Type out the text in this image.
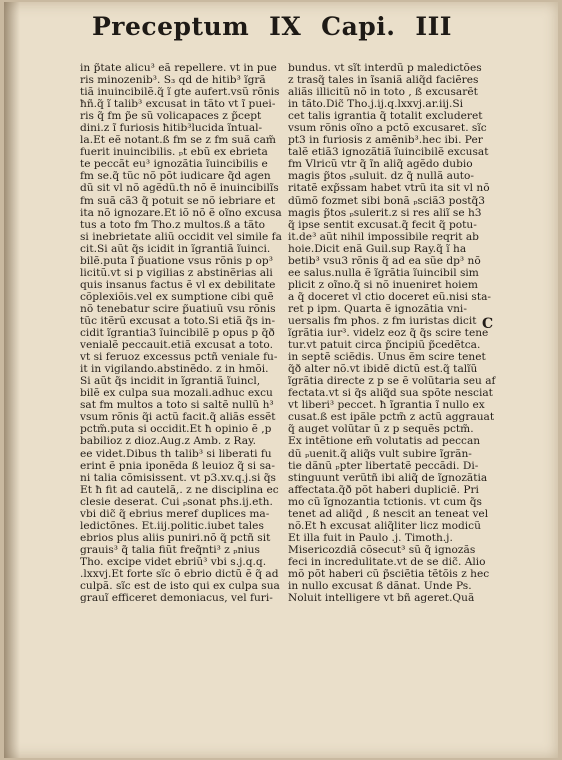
Preceptum IX Capi. III
in p̃tate alicu³ eã repellere. vt in pue
ris minozenib³. S₃ qd̃ de hitib³ ĩgrã
tiã inuincibilẽ.q̃ ĩ gte aufert.vsũ rõnis
ħñ.q̃ ĩ talib³ excusat in tãto vt ĩ puei-
ris q̃ fm p̃e sũ volicapaces z p̃cept
dini.z ĩ furiosis ħitib³lucida ĩntual-
la.Et eẽ notant.ß fm se z fm suã cam̃
fuerit inuincibilis. ₚt ebũ ex ebrieta
te peccãt eu³ ignozãtia ĩuincibilis e
fm se.q̃ tũc nõ põt iudicare q̃d agen
dũ sit vl nõ agẽdũ.th nõ ẽ inuincibilĩs
fm suã cã3 q̃ potuit se nõ iebriare et
ita nõ ignozare.Et iõ nõ ẽ oĩno excusa
tus a toto fm Tho.z multos.ß a tãto
si inebrietate aliũ occidit vel simile fa
cit.Si aũt q̃s icidit in ĩgrantiã ĩuinci.
bilẽ.puta ĩ p̃uatione vsus rõnis p op³
licitũ.vt si p vigilias z abstinẽrias ali
quis insanus factus ẽ vl ex debilitate
cõplexiõis.vel ex sumptione cibi quẽ
nõ tenebatur scire p̃uatiuũ vsu rõnis
tũc itẽrũ excusat a toto.Si etiã q̃s in-
cidit ĩgrantia3 ĩuincibilẽ p opus p q̃ð
venialẽ peccauit.etiã excusat a toto.
vt si feruoz excessus pctñ veniale fu-
it in vigilando.abstinẽdo. z in hmõi.
Si aũt q̃s incidit in ĩgrantiã ĩuincl,
bilẽ ex culpa sua mozali.adhuc excu
sat fm multos a toto si saltẽ nullũ h³
vsum rõnis q̃i actũ facit.q̃ aliãs essẽt
pctm̃.puta si occidit.Et ħ opinio ẽ ,p
babilioz z dioz.Aug.z Amb. z Ray.
ee videt.Dibus th talib³ si liberati fu
erint ẽ pnia iponẽda ß leuioz q̃ si sa-
ni talia cõmisissent. vt p3.xv.q.j.si q̃s
Et ħ fit ad cautelã,. z ne disciplina ec
clesie deserat. Cui ₚsonat pħs.ij.eth.
vbi dic̃ q̃ ebrius meref duplices ma-
ledictõnes. Et.iij.politic.iubet tales
ebrios plus aliis puniri.nõ q̃ pctñ sit
grauis³ q̃ talia fiũt freq̃nti³ z ₚnius
Tho. excipe videt ebriũ³ vbi s.j.q.q.
.lxxvj.Et forte sĩc õ ebrio dictũ ẽ q̃ ad
culpã. sĩc est de isto qui ex culpa sua
grauĩ efficeret demoniacus, vel furi-
bundus. vt sĩt interdũ p maledictões
z trasq̃ tales in ĩsaniã aliq̃d faciẽres
aliãs illicitũ nõ in toto , ß excusarẽt
in tãto.Dic̃ Tho.j.ij.q.lxxvj.ar.iij.Si
cet talis igrantia q̃ totalit excluderet
vsum rõnis oĩno a pctõ excusaret. sĩc
pt3 in furiosis z amẽnib³.hec ibi. Per
talẽ etiã3 ignozãtiã ĩuincibilẽ excusat
fm Vlricũ vtr q̃ ĩn aliq̃ agẽdo dubio
magis p̃tos ₚsuluit. dz q̃ nullã auto-
ritatẽ exp̃ssam habet vtrũ ita sit vl nõ
dũmõ fozmet sibi bonã ₚsciã3 postq̃3
magis p̃tos ₚsulerit.z si res aliĩ se h3
q̃ ipse sentit excusat.q̃ fecit q̃ potu-
it.de³ aũt nihil impossibile reqrit ab
hoie.Dicit enã Guil.sup Ray.q̃ ĩ ha
betib³ vsu3 rõnis q̃ ad ea sũe dp³ nõ
ee salus.nulla ẽ ĩgrãtia ĩuincibil sim
plicit z oĩno.q̃ si nõ inueniret hoiem
a q̃ doceret vl ctio doceret eũ.nisi sta-
ret p ipm. Quarta ẽ ignozãtia vni-
uersalis fm pħos. z fm iuristas dicit
ĩgrãtia iur³. videlz eoz q̃ q̃s scire tene
tur.vt patuit circa p̃ncipiũ p̃cedẽt̃ca.
in septẽ sciẽdis. Unus ẽm scire tenet
q̃ð alter nõ.vt ibidẽ dictũ est.q̃ talĩũ
ĩgrãtia directe z p se ẽ volũtaria seu af
fectata.vt si q̃s aliq̃d sua spõte nesciat
vt liberi³ peccet. ħ ĩgrantia ĩ nullo ex
cusat.ß est ipãle pctm̃ z actũ aggrauat
q̃ auget volũtar ũ z p sequẽs pctm̃.
Ex intẽtione em̃ volutatis ad peccan
dũ ₚuenit.q̃ aliq̃s vult subire ĩgrãn-
tie dãnũ ₚpter libertatẽ peccãdi. Di-
stinguunt verũtñ ibi aliq̃ de ĩgnozãtia
affectata.q̃ð põt haberi dupliciẽ. Pri
mo cũ ĩgnozantia t̃ctionis. vt cum q̃s
tenet ad aliq̃d , ß nescit an teneat vel
nõ.Et ħ excusat aliq̃liter licz modicũ
Et illa fuit in Paulo .j. Timoth.j.
Misericozdiã cõsecut³ sũ q̃ ignozãs
feci in incredulitate.vt de se dic̃. Alio
mõ põt haberi cũ p̃sciẽtia tẽtõis z hec
in nullo excusat ß dãnat. Unde Ps.
Noluit intelligere vt bñ ageret.Quã
C
